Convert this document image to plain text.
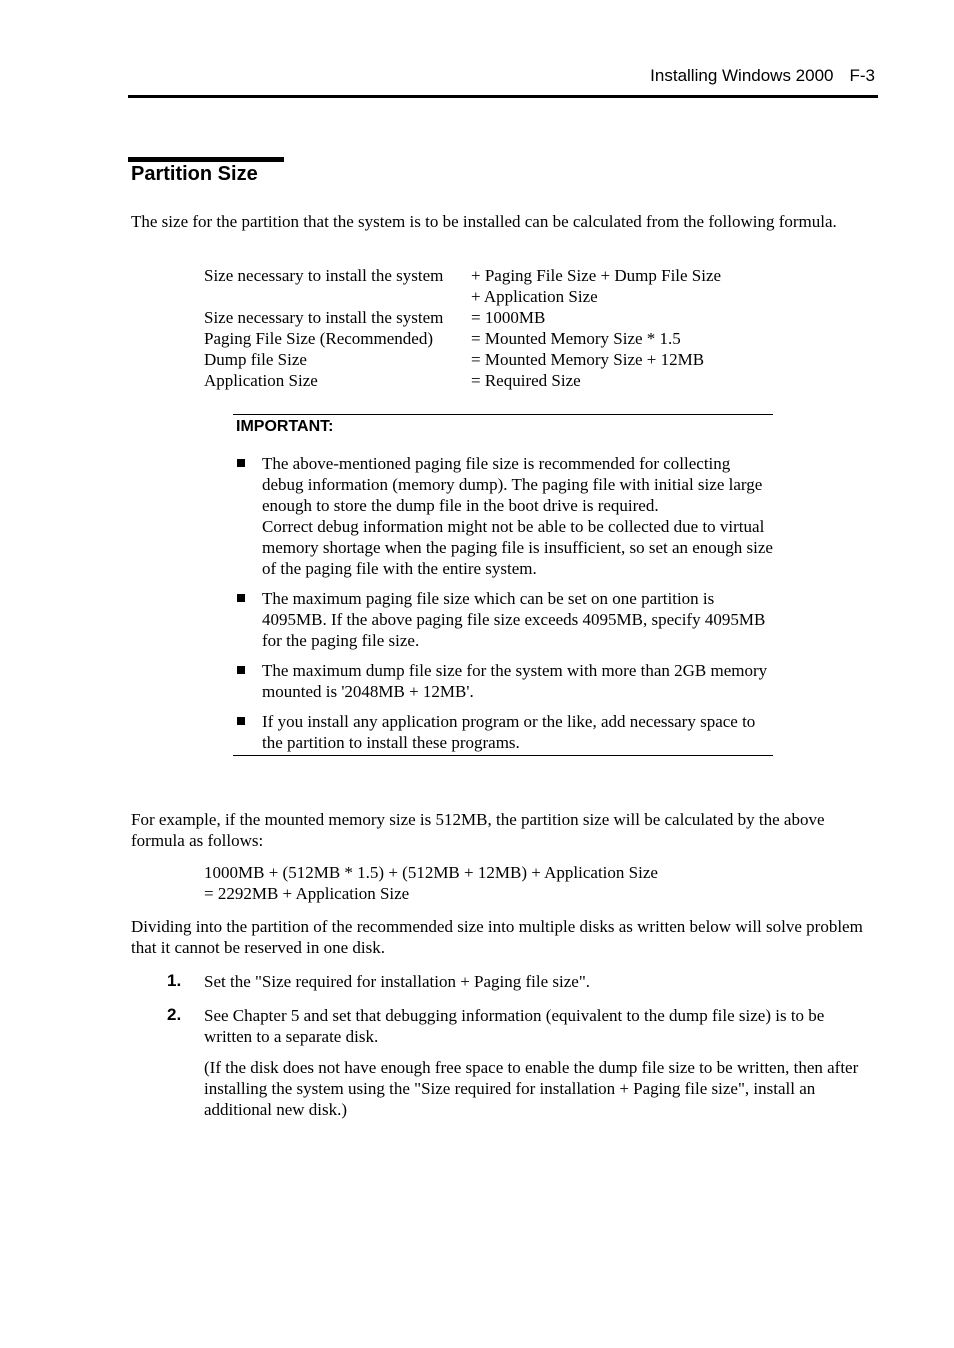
Installing Windows 2000 F-3
Partition Size
The size for the partition that the system is to be installed can be calculated from the following formula.
Size necessary to install the system	+ Paging File Size + Dump File Size
+ Application Size
Size necessary to install the system	= 1000MB
Paging File Size (Recommended)	= Mounted Memory Size * 1.5
Dump file Size	= Mounted Memory Size + 12MB
Application Size	= Required Size
IMPORTANT:
The above-mentioned paging file size is recommended for collecting debug information (memory dump). The paging file with initial size large enough to store the dump file in the boot drive is required.
Correct debug information might not be able to be collected due to virtual memory shortage when the paging file is insufficient, so set an enough size of the paging file with the entire system.
The maximum paging file size which can be set on one partition is 4095MB. If the above paging file size exceeds 4095MB, specify 4095MB for the paging file size.
The maximum dump file size for the system with more than 2GB memory mounted is '2048MB + 12MB'.
If you install any application program or the like, add necessary space to the partition to install these programs.
For example, if the mounted memory size is 512MB, the partition size will be calculated by the above formula as follows:
1000MB + (512MB * 1.5) + (512MB + 12MB) + Application Size
= 2292MB + Application Size
Dividing into the partition of the recommended size into multiple disks as written below will solve problem that it cannot be reserved in one disk.
1. Set the "Size required for installation + Paging file size".
2. See Chapter 5 and set that debugging information (equivalent to the dump file size) is to be written to a separate disk.
(If the disk does not have enough free space to enable the dump file size to be written, then after installing the system using the "Size required for installation + Paging file size", install an additional new disk.)
